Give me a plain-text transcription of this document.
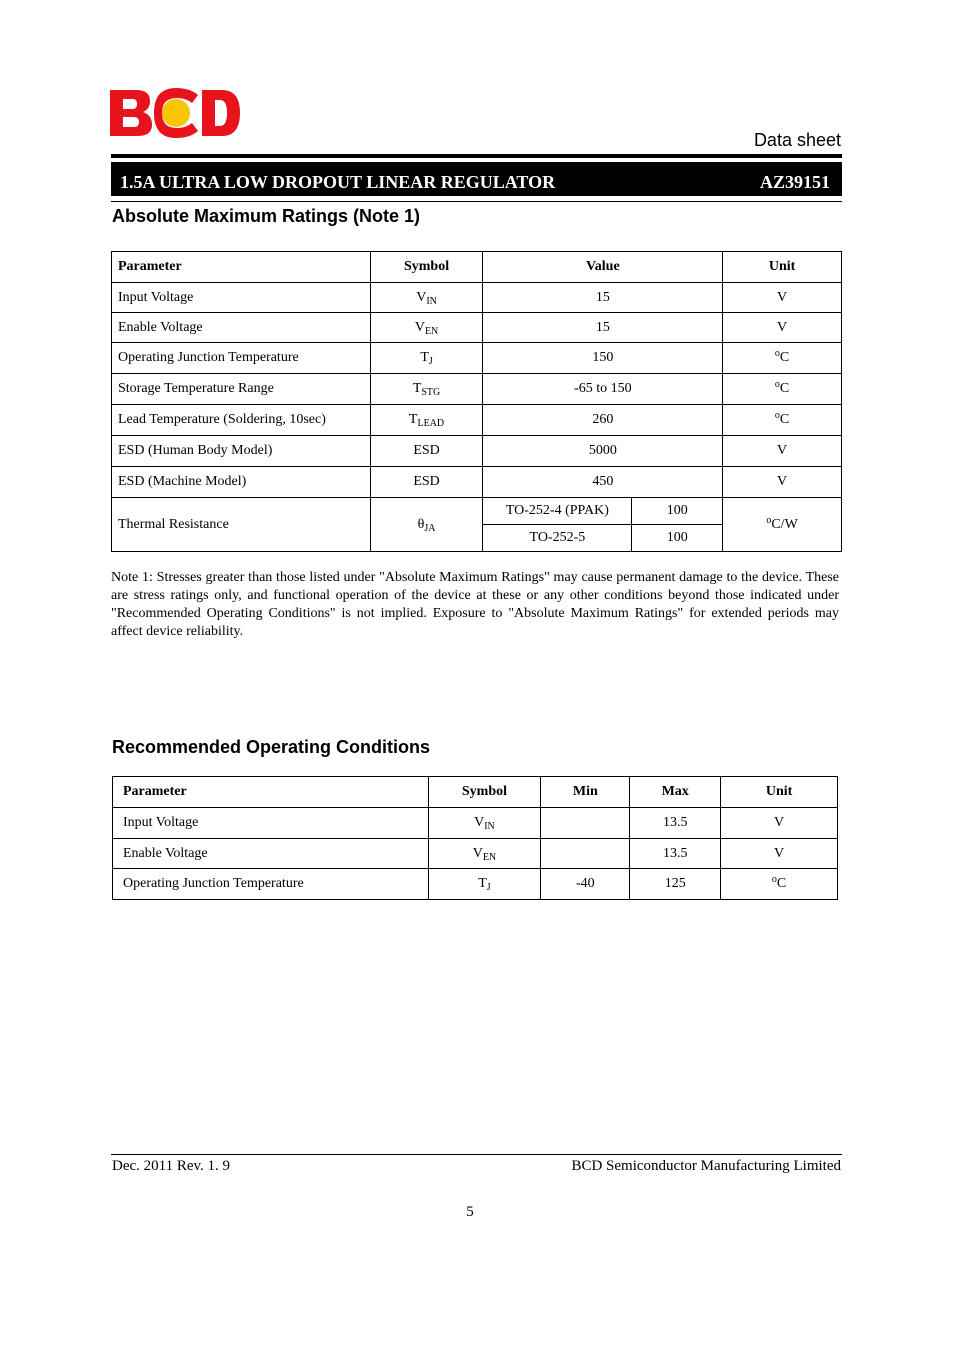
Data sheet
1.5A ULTRA LOW DROPOUT LINEAR REGULATOR	AZ39151
Absolute Maximum Ratings (Note 1)
Parameter	Symbol	Value		Unit
Input Voltage	$V_{IN}$	15		V
Enable Voltage	$V_{EN}$	15		V
Operating Junction Temperature	$T_J$	150		$^o$C
Storage Temperature Range	$T_{STG}$	-65 to 150		$^o$C
Lead Temperature (Soldering, 10sec)	$T_{LEAD}$	260		$^o$C
ESD (Human Body Model)	ESD	5000		V
ESD (Machine Model)	ESD	450		V
Thermal Resistance	$\theta_{JA}$	TO-252-4 (PPAK)	100	$^o$C/W
		TO-252-5	100	
Note 1: Stresses greater than those listed under "Absolute Maximum Ratings" may cause permanent damage to the device. These are stress ratings only, and functional operation of the device at these or any other conditions beyond those indicated under "Recommended Operating Conditions" is not implied. Exposure to "Absolute Maximum Ratings" for extended periods may affect device reliability.
Recommended Operating Conditions
Parameter	Symbol	Min	Max	Unit
Input Voltage	$V_{IN}$		13.5	V
Enable Voltage	$V_{EN}$		13.5	V
Operating Junction Temperature	$T_J$	-40	125	$^o$C
Dec. 2011 Rev. 1. 9	BCD Semiconductor Manufacturing Limited
5
